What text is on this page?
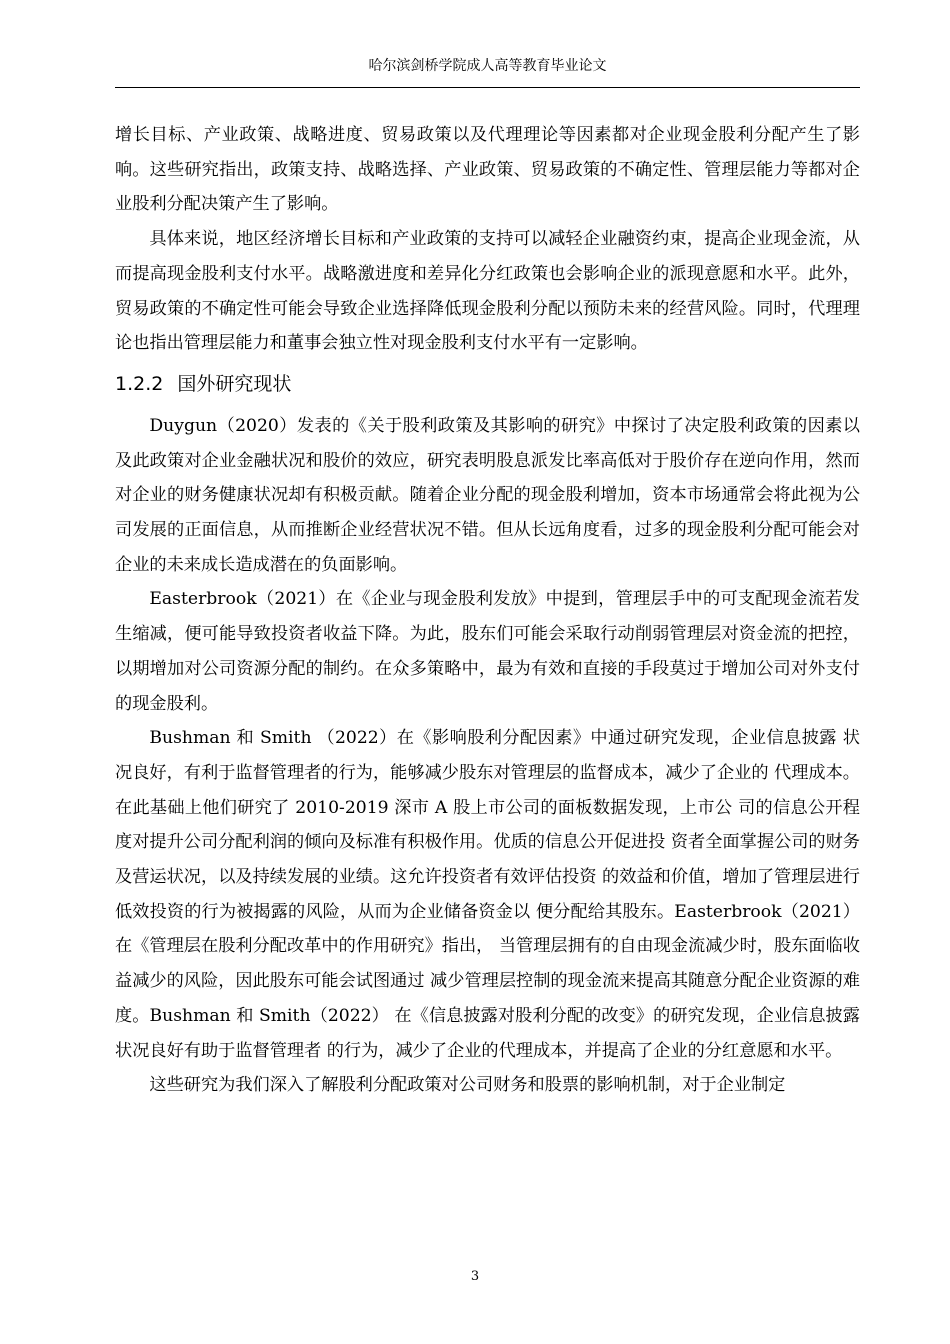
哈尔滨剑桥学院成人高等教育毕业论文

增长目标、产业政策、战略进度、贸易政策以及代理理论等因素都对企业现金股利分配产生了影响。这些研究指出，政策支持、战略选择、产业政策、贸易政策的不确定性、管理层能力等都对企业股利分配决策产生了影响。

具体来说，地区经济增长目标和产业政策的支持可以减轻企业融资约束，提高企业现金流，从而提高现金股利支付水平。战略激进度和差异化分红政策也会影响企业的派现意愿和水平。此外，贸易政策的不确定性可能会导致企业选择降低现金股利分配以预防未来的经营风险。同时，代理理论也指出管理层能力和董事会独立性对现金股利支付水平有一定影响。

1.2.2 国外研究现状

Duygun（2020）发表的《关于股利政策及其影响的研究》中探讨了决定股利政策的因素以及此政策对企业金融状况和股价的效应，研究表明股息派发比率高低对于股价存在逆向作用，然而对企业的财务健康状况却有积极贡献。随着企业分配的现金股利增加，资本市场通常会将此视为公司发展的正面信息，从而推断企业经营状况不错。但从长远角度看，过多的现金股利分配可能会对企业的未来成长造成潜在的负面影响。

Easterbrook（2021）在《企业与现金股利发放》中提到，管理层手中的可支配现金流若发生缩减，便可能导致投资者收益下降。为此，股东们可能会采取行动削弱管理层对资金流的把控，以期增加对公司资源分配的制约。在众多策略中，最为有效和直接的手段莫过于增加公司对外支付的现金股利。

Bushman 和 Smith （2022）在《影响股利分配因素》中通过研究发现，企业信息披露 状况良好，有利于监督管理者的行为，能够减少股东对管理层的监督成本，减少了企业的 代理成本。在此基础上他们研究了 2010-2019 深市 A 股上市公司的面板数据发现，上市公 司的信息公开程度对提升公司分配利润的倾向及标准有积极作用。优质的信息公开促进投 资者全面掌握公司的财务及营运状况，以及持续发展的业绩。这允许投资者有效评估投资 的效益和价值，增加了管理层进行低效投资的行为被揭露的风险，从而为企业储备资金以 便分配给其股东。Easterbrook（2021）在《管理层在股利分配改革中的作用研究》指出， 当管理层拥有的自由现金流减少时，股东面临收益减少的风险，因此股东可能会试图通过 减少管理层控制的现金流来提高其随意分配企业资源的难度。Bushman 和 Smith（2022） 在《信息披露对股利分配的改变》的研究发现，企业信息披露状况良好有助于监督管理者 的行为，减少了企业的代理成本，并提高了企业的分红意愿和水平。

这些研究为我们深入了解股利分配政策对公司财务和股票的影响机制，对于企业制定

3
